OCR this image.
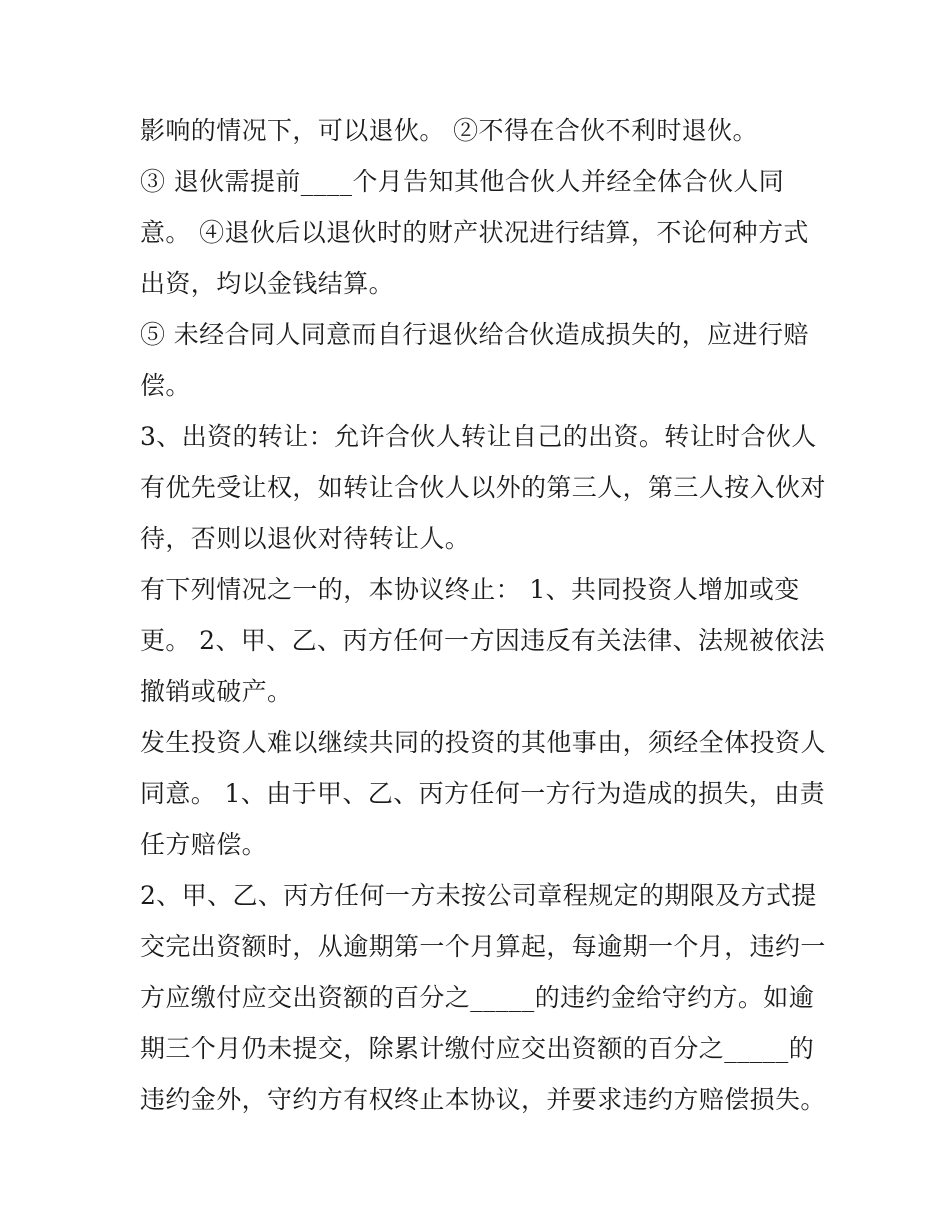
影响的情况下，可以退伙。 ②不得在合伙不利时退伙。
③ 退伙需提前____个月告知其他合伙人并经全体合伙人同
意。 ④退伙后以退伙时的财产状况进行结算，不论何种方式
出资，均以金钱结算。
⑤ 未经合同人同意而自行退伙给合伙造成损失的，应进行赔
偿。
3、出资的转让：允许合伙人转让自己的出资。转让时合伙人
有优先受让权，如转让合伙人以外的第三人，第三人按入伙对
待，否则以退伙对待转让人。
有下列情况之一的，本协议终止： 1、共同投资人增加或变
更。 2、甲、乙、丙方任何一方因违反有关法律、法规被依法
撤销或破产。
发生投资人难以继续共同的投资的其他事由，须经全体投资人
同意。 1、由于甲、乙、丙方任何一方行为造成的损失，由责
任方赔偿。
2、甲、乙、丙方任何一方未按公司章程规定的期限及方式提
交完出资额时，从逾期第一个月算起，每逾期一个月，违约一
方应缴付应交出资额的百分之_____的违约金给守约方。如逾
期三个月仍未提交，除累计缴付应交出资额的百分之_____的
违约金外，守约方有权终止本协议，并要求违约方赔偿损失。
